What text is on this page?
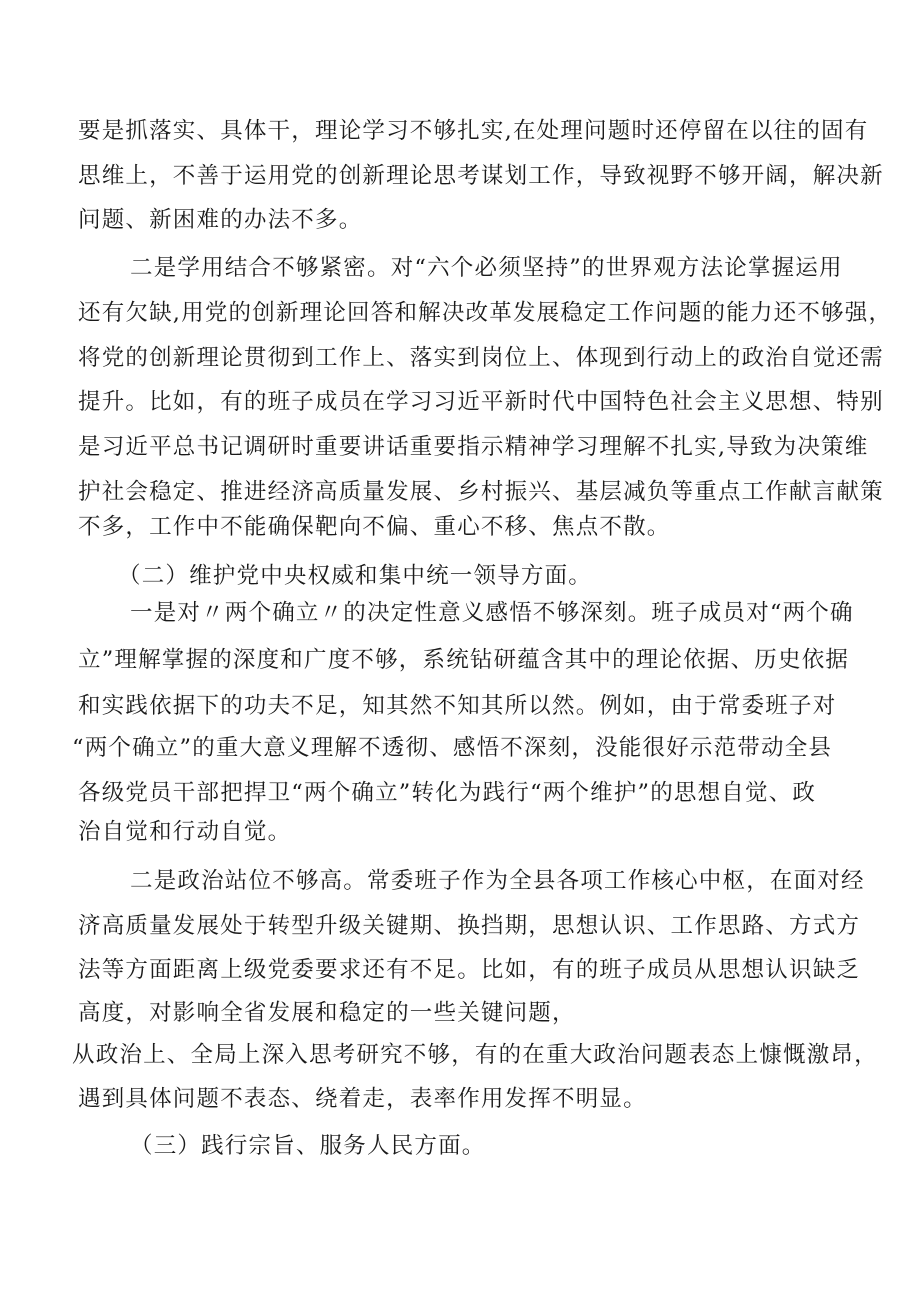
要是抓落实、具体干，理论学习不够扎实,在处理问题时还停留在以往的固有
思维上，不善于运用党的创新理论思考谋划工作，导致视野不够开阔，解决新
问题、新困难的办法不多。
二是学用结合不够紧密。对“六个必须坚持”的世界观方法论掌握运用
还有欠缺,用党的创新理论回答和解决改革发展稳定工作问题的能力还不够强，
将党的创新理论贯彻到工作上、落实到岗位上、体现到行动上的政治自觉还需
提升。比如，有的班子成员在学习习近平新时代中国特色社会主义思想、特别
是习近平总书记调研时重要讲话重要指示精神学习理解不扎实,导致为决策维
护社会稳定、推进经济高质量发展、乡村振兴、基层减负等重点工作献言献策
不多，工作中不能确保靶向不偏、重心不移、焦点不散。
（二）维护党中央权威和集中统一领导方面。
一是对〃两个确立〃的决定性意义感悟不够深刻。班子成员对“两个确
立”理解掌握的深度和广度不够，系统钻研蕴含其中的理论依据、历史依据
和实践依据下的功夫不足，知其然不知其所以然。例如，由于常委班子对
“两个确立”的重大意义理解不透彻、感悟不深刻，没能很好示范带动全县
各级党员干部把捍卫“两个确立”转化为践行“两个维护”的思想自觉、政
治自觉和行动自觉。
二是政治站位不够高。常委班子作为全县各项工作核心中枢，在面对经
济高质量发展处于转型升级关键期、换挡期，思想认识、工作思路、方式方
法等方面距离上级党委要求还有不足。比如，有的班子成员从思想认识缺乏
高度，对影响全省发展和稳定的一些关键问题，
从政治上、全局上深入思考研究不够，有的在重大政治问题表态上慷慨激昂，
遇到具体问题不表态、绕着走，表率作用发挥不明显。
（三）践行宗旨、服务人民方面。
